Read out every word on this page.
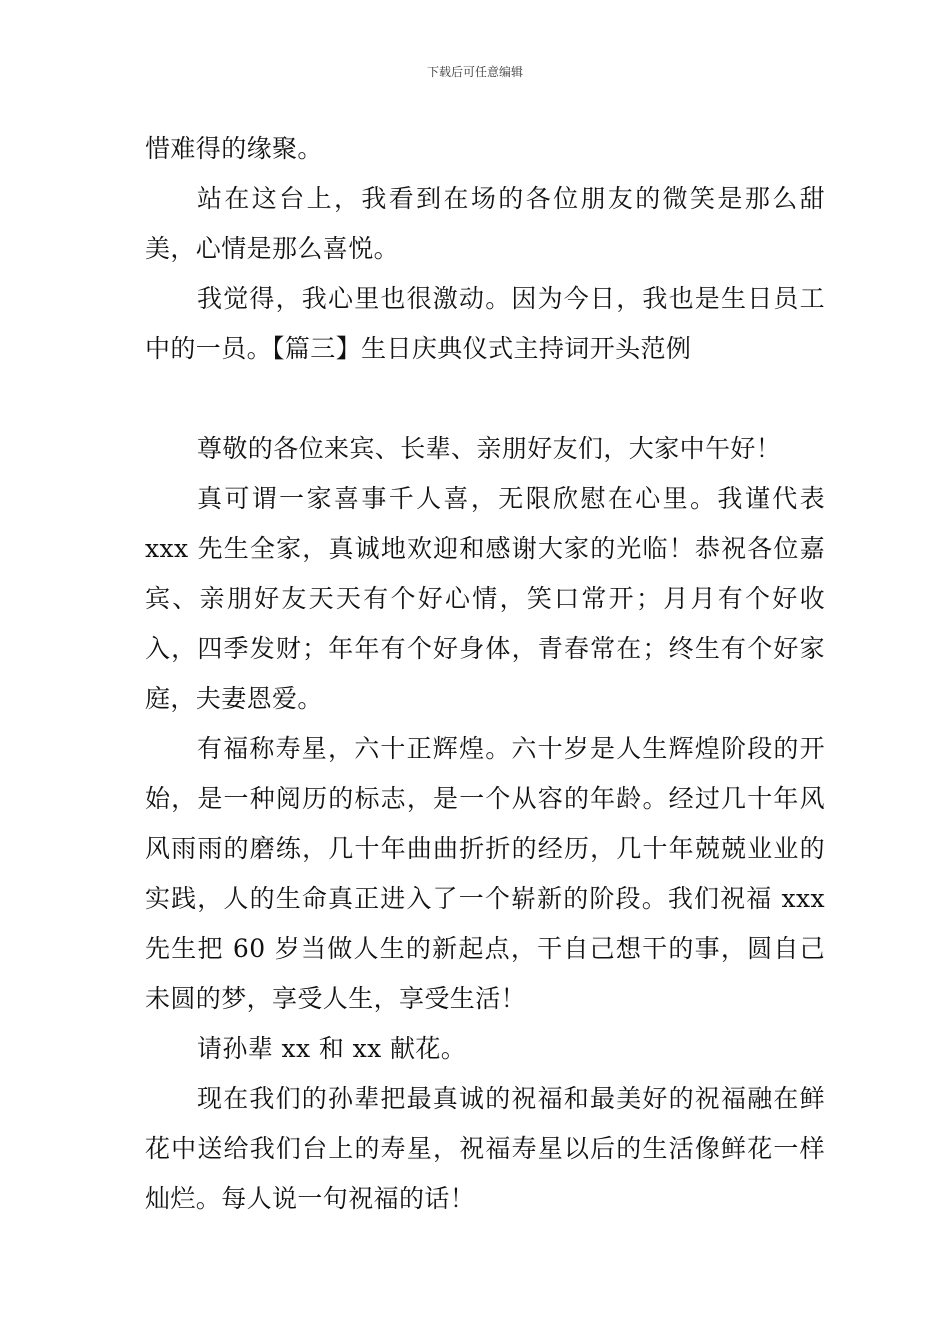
下载后可任意编辑

惜难得的缘聚。

站在这台上，我看到在场的各位朋友的微笑是那么甜美，心情是那么喜悦。

我觉得，我心里也很激动。因为今日，我也是生日员工中的一员。【篇三】生日庆典仪式主持词开头范例

尊敬的各位来宾、长辈、亲朋好友们，大家中午好！

真可谓一家喜事千人喜，无限欣慰在心里。我谨代表 xxx 先生全家，真诚地欢迎和感谢大家的光临！恭祝各位嘉宾、亲朋好友天天有个好心情，笑口常开；月月有个好收入，四季发财；年年有个好身体，青春常在；终生有个好家庭，夫妻恩爱。

有福称寿星，六十正辉煌。六十岁是人生辉煌阶段的开始，是一种阅历的标志，是一个从容的年龄。经过几十年风风雨雨的磨练，几十年曲曲折折的经历，几十年兢兢业业的实践，人的生命真正进入了一个崭新的阶段。我们祝福 xxx 先生把 60 岁当做人生的新起点，干自己想干的事，圆自己未圆的梦，享受人生，享受生活！

请孙辈 xx 和 xx 献花。

现在我们的孙辈把最真诚的祝福和最美好的祝福融在鲜花中送给我们台上的寿星，祝福寿星以后的生活像鲜花一样灿烂。每人说一句祝福的话！
